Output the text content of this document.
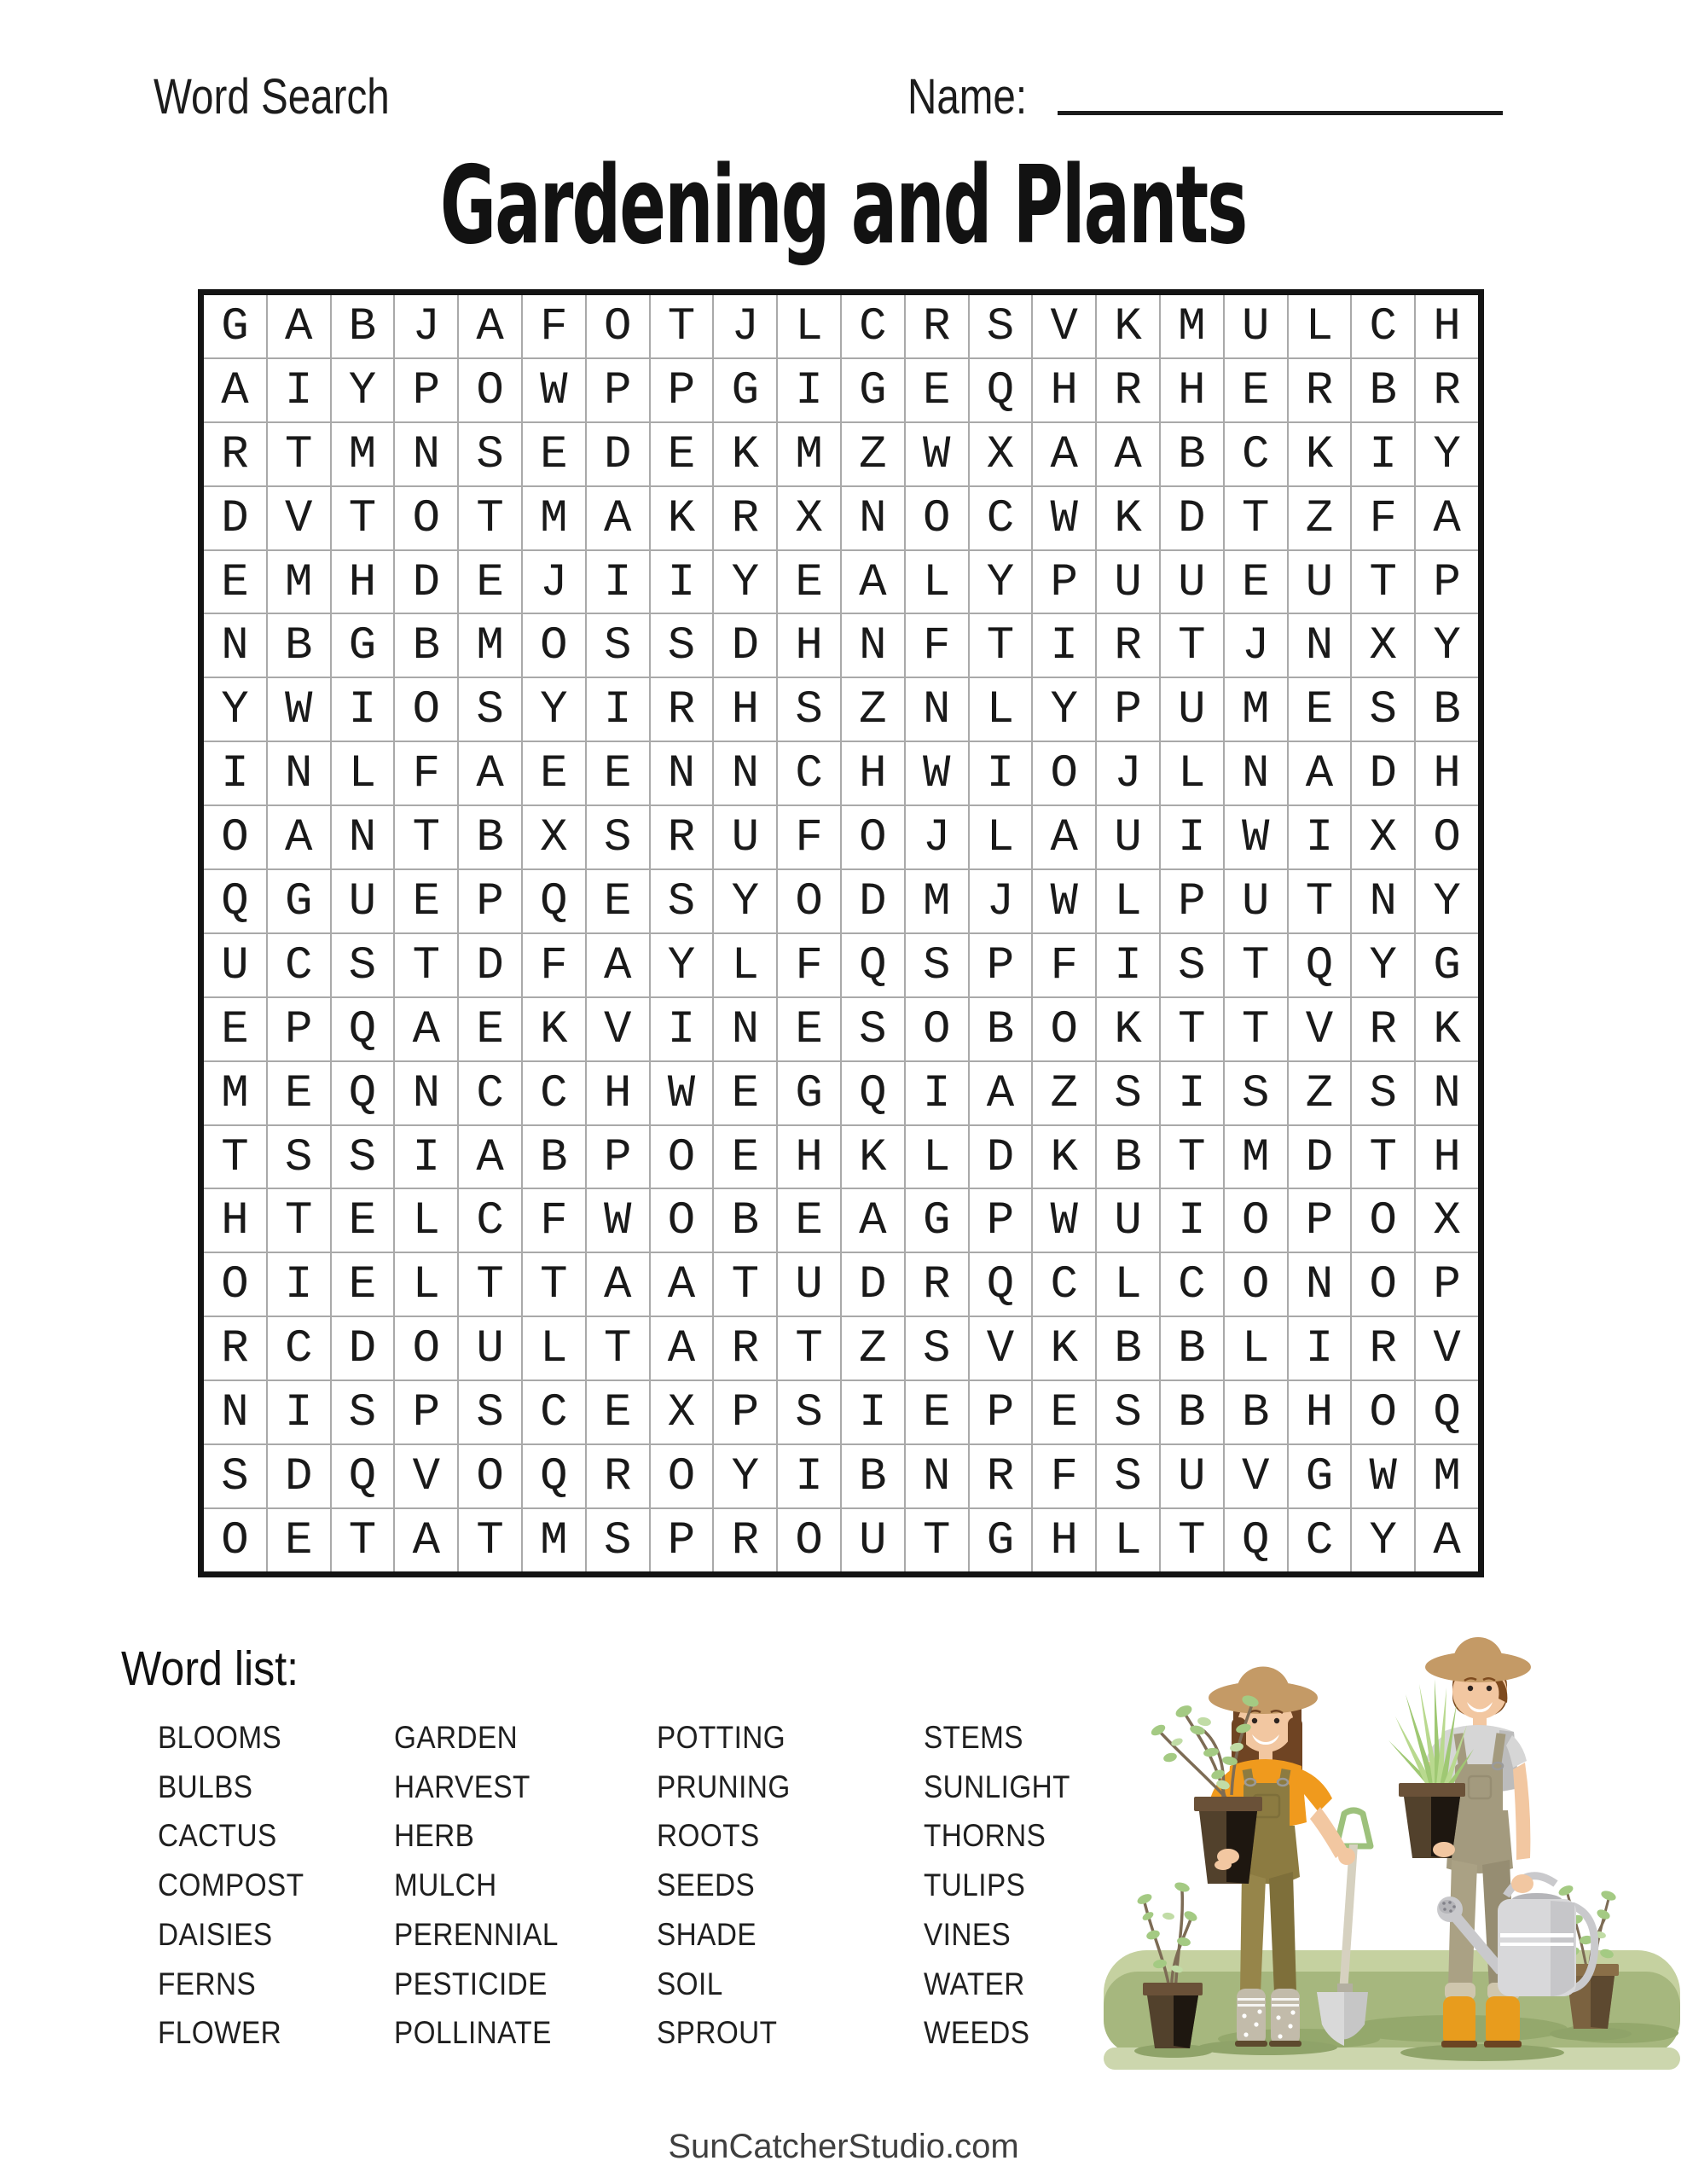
Word Search	Name:
Gardening and Plants
G A B J A F O T J L C R S V K M U L C H
A I Y P O W P P G I G E Q H R H E R B R
R T M N S E D E K M Z W X A A B C K I Y
D V T O T M A K R X N O C W K D T Z F A
E M H D E J I I Y E A L Y P U U E U T P
N B G B M O S S D H N F T I R T J N X Y
Y W I O S Y I R H S Z N L Y P U M E S B
I N L F A E E N N C H W I O J L N A D H
O A N T B X S R U F O J L A U I W I X O
Q G U E P Q E S Y O D M J W L P U T N Y
U C S T D F A Y L F Q S P F I S T Q Y G
E P Q A E K V I N E S O B O K T T V R K
M E Q N C C H W E G Q I A Z S I S Z S N
T S S I A B P O E H K L D K B T M D T H
H T E L C F W O B E A G P W U I O P O X
O I E L T T A A T U D R Q C L C O N O P
R C D O U L T A R T Z S V K B B L I R V
N I S P S C E X P S I E P E S B B H O Q
S D Q V O Q R O Y I B N R F S U V G W M
O E T A T M S P R O U T G H L T Q C Y A
Word list:
BLOOMS
BULBS
CACTUS
COMPOST
DAISIES
FERNS
FLOWER
GARDEN
HARVEST
HERB
MULCH
PERENNIAL
PESTICIDE
POLLINATE
POTTING
PRUNING
ROOTS
SEEDS
SHADE
SOIL
SPROUT
STEMS
SUNLIGHT
THORNS
TULIPS
VINES
WATER
WEEDS
SunCatcherStudio.com
